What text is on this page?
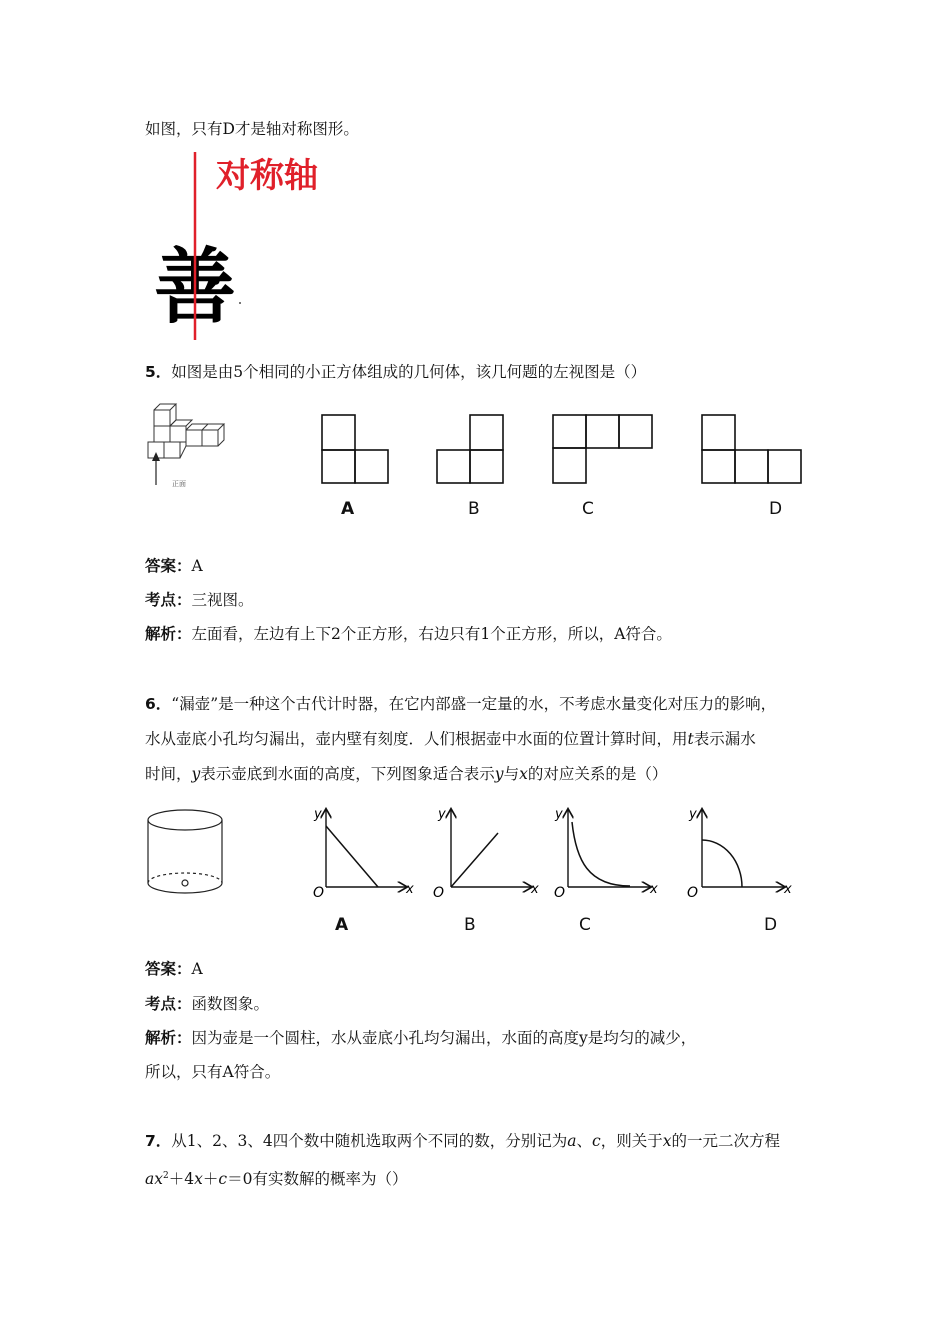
如图，只有D才是轴对称图形。
对称轴
善
5．如图是由5个相同的小正方体组成的几何体，该几何题的左视图是（）
正面
A	B	C	D
答案：A
考点：三视图。
解析：左面看，左边有上下2个正方形，右边只有1个正方形，所以，A符合。
6．“漏壶”是一种这个古代计时器，在它内部盛一定量的水，不考虑水量变化对压力的影响，
水从壶底小孔均匀漏出，壶内壁有刻度．人们根据壶中水面的位置计算时间，用t表示漏水
时间，y表示壶底到水面的高度，下列图象适合表示y与x的对应关系的是（）
y
x
O
y
x
O
y
x
O
y
x
O
A	B	C	D
答案：A
考点：函数图象。
解析：因为壶是一个圆柱，水从壶底小孔均匀漏出，水面的高度y是均匀的减少，
所以，只有A符合。
7．从1、2、3、4四个数中随机选取两个不同的数，分别记为a、c，则关于x的一元二次方程
$ax^2+4x+c=0$有实数解的概率为（）
